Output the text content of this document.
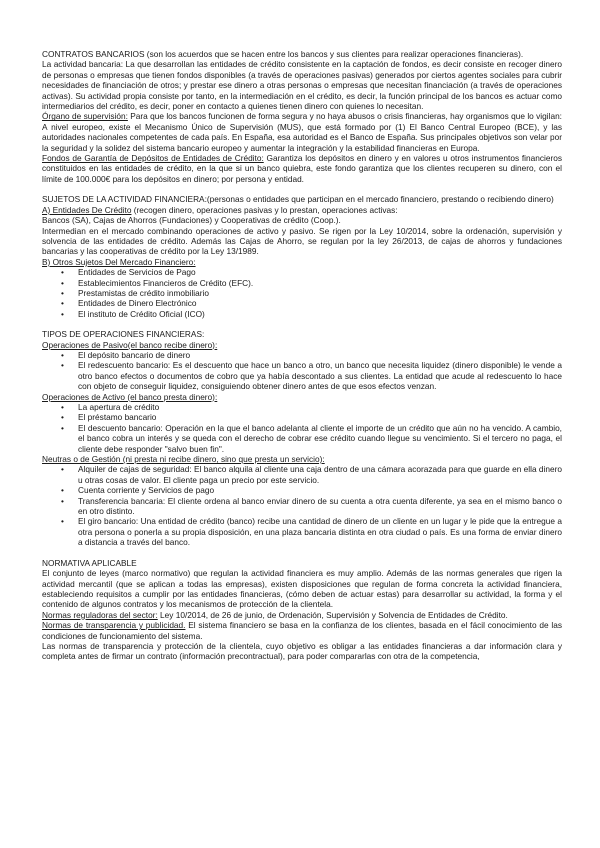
CONTRATOS BANCARIOS (son los acuerdos que se hacen entre los bancos y sus clientes para realizar operaciones financieras).

La actividad bancaria: La que desarrollan las entidades de crédito consistente en la captación de fondos, es decir consiste en recoger dinero de personas o empresas que tienen fondos disponibles (a través de operaciones pasivas) generados por ciertos agentes sociales para cubrir necesidades de financiación de otros; y prestar ese dinero a otras personas o empresas que necesitan financiación (a través de operaciones activas). Su actividad propia consiste por tanto, en la intermediación en el crédito, es decir, la función principal de los bancos es actuar como intermediarios del crédito, es decir, poner en contacto a quienes tienen dinero con quienes lo necesitan.

Órgano de supervisión: Para que los bancos funcionen de forma segura y no haya abusos o crisis financieras, hay organismos que lo vigilan: A nivel europeo, existe el Mecanismo Único de Supervisión (MUS), que está formado por (1) El Banco Central Europeo (BCE), y las autoridades nacionales competentes de cada país. En España, esa autoridad es el Banco de España. Sus principales objetivos son velar por la seguridad y la solidez del sistema bancario europeo y aumentar la integración y la estabilidad financieras en Europa.

Fondos de Garantía de Depósitos de Entidades de Crédito: Garantiza los depósitos en dinero y en valores u otros instrumentos financieros constituidos en las entidades de crédito, en la que si un banco quiebra, este fondo garantiza que los clientes recuperen su dinero, con el límite de 100.000€ para los depósitos en dinero; por persona y entidad.

SUJETOS DE LA ACTIVIDAD FINANCIERA:(personas o entidades que participan en el mercado financiero, prestando o recibiendo dinero)

A) Entidades De Crédito (recogen dinero, operaciones pasivas y lo prestan, operaciones activas:

Bancos (SA), Cajas de Ahorros (Fundaciones) y Cooperativas de crédito (Coop.).

Intermedian en el mercado combinando operaciones de activo y pasivo. Se rigen por la Ley 10/2014, sobre la ordenación, supervisión y solvencia de las entidades de crédito. Además las Cajas de Ahorro, se regulan por la ley 26/2013, de cajas de ahorros y fundaciones bancarias y las cooperativas de crédito por la Ley 13/1989.

B) Otros Sujetos Del Mercado Financiero:

• Entidades de Servicios de Pago
• Establecimientos Financieros de Crédito (EFC).
• Prestamistas de crédito inmobiliario
• Entidades de Dinero Electrónico
• El instituto de Crédito Oficial (ICO)

TIPOS DE OPERACIONES FINANCIERAS:

Operaciones de Pasivo(el banco recibe dinero):

• El depósito bancario de dinero
• El redescuento bancario: Es el descuento que hace un banco a otro, un banco que necesita liquidez (dinero disponible) le vende a otro banco efectos o documentos de cobro que ya había descontado a sus clientes. La entidad que acude al redescuento lo hace con objeto de conseguir liquidez, consiguiendo obtener dinero antes de que esos efectos venzan.

Operaciones de Activo (el banco presta dinero):

• La apertura de crédito
• El préstamo bancario
• El descuento bancario: Operación en la que el banco adelanta al cliente el importe de un crédito que aún no ha vencido. A cambio, el banco cobra un interés y se queda con el derecho de cobrar ese crédito cuando llegue su vencimiento. Si el tercero no paga, el cliente debe responder "salvo buen fin".

Neutras o de Gestión (ni presta ni recibe dinero, sino que presta un servicio):

• Alquiler de cajas de seguridad: El banco alquila al cliente una caja dentro de una cámara acorazada para que guarde en ella dinero u otras cosas de valor. El cliente paga un precio por este servicio.
• Cuenta corriente y Servicios de pago
• Transferencia bancaria: El cliente ordena al banco enviar dinero de su cuenta a otra cuenta diferente, ya sea en el mismo banco o en otro distinto.
• El giro bancario: Una entidad de crédito (banco) recibe una cantidad de dinero de un cliente en un lugar y le pide que la entregue a otra persona o ponerla a su propia disposición, en una plaza bancaria distinta en otra ciudad o país. Es una forma de enviar dinero a distancia a través del banco.

NORMATIVA APLICABLE

El conjunto de leyes (marco normativo) que regulan la actividad financiera es muy amplio. Además de las normas generales que rigen la actividad mercantil (que se aplican a todas las empresas), existen disposiciones que regulan de forma concreta la actividad financiera, estableciendo requisitos a cumplir por las entidades financieras, (cómo deben de actuar estas) para desarrollar su actividad, la forma y el contenido de algunos contratos y los mecanismos de protección de la clientela.

Normas reguladoras del sector: Ley 10/2014, de 26 de junio, de Ordenación, Supervisión y Solvencia de Entidades de Crédito.

Normas de transparencia y publicidad. El sistema financiero se basa en la confianza de los clientes, basada en el fácil conocimiento de las condiciones de funcionamiento del sistema.

Las normas de transparencia y protección de la clientela, cuyo objetivo es obligar a las entidades financieras a dar información clara y completa antes de firmar un contrato (información precontractual), para poder compararlas con otra de la competencia,
